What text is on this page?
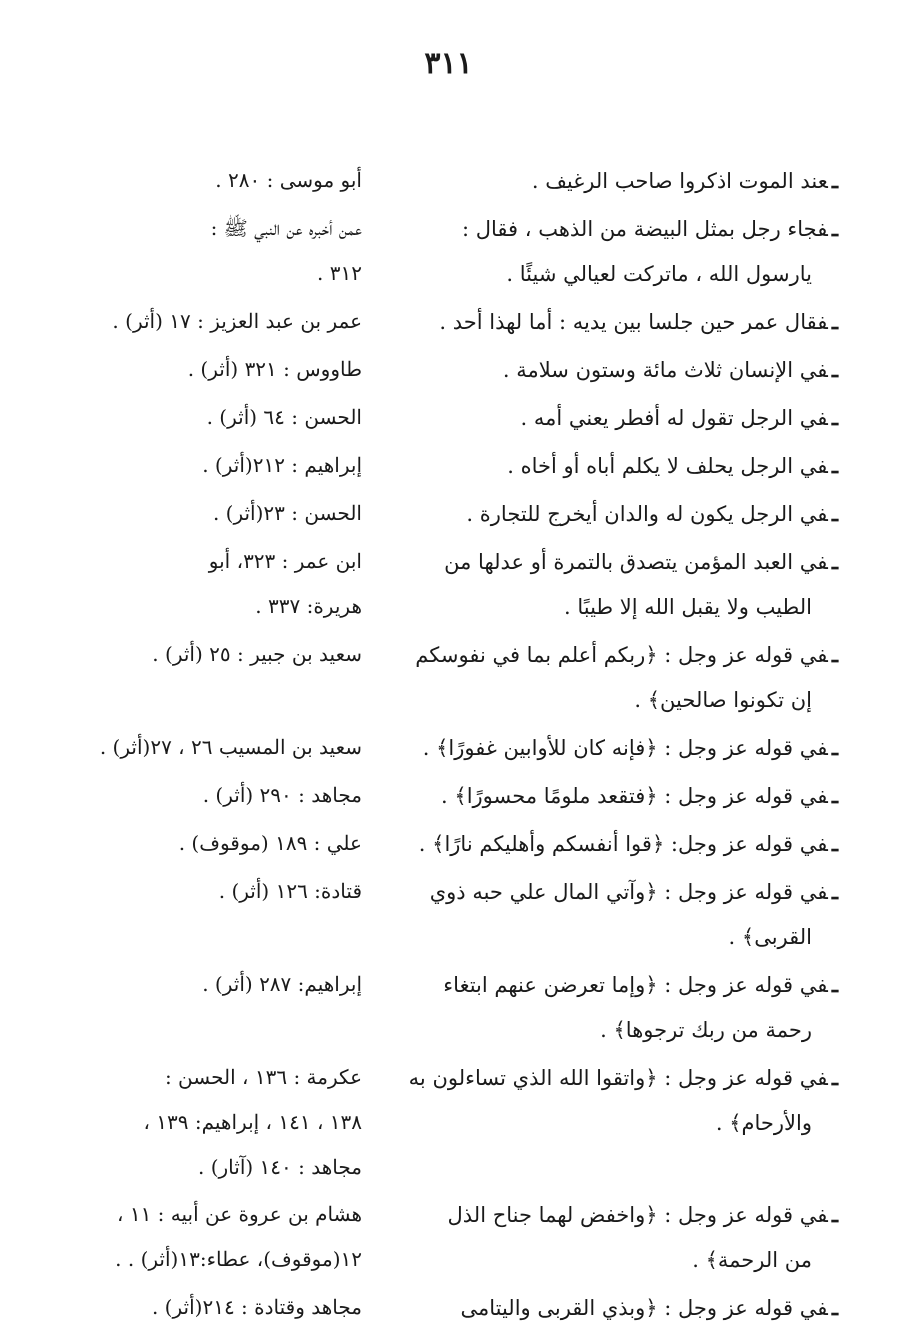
٣١١
ـعند الموت اذكروا صاحب الرغيف .
أبو موسى : ٢٨٠ .
ـفجاء رجل بمثل البيضة من الذهب ، فقال :
يارسول الله ، ماتركت لعيالي شيئًا .
عمن أخبره عن النبي ﷺ :
٣١٢ .
ـفقال عمر حين جلسا بين يديه : أما لهذا أحد .
عمر بن عبد العزيز : ١٧ (أثر) .
ـفي الإنسان ثلاث مائة وستون سلامة .
طاووس : ٣٢١ (أثر) .
ـفي الرجل تقول له أفطر يعني أمه .
الحسن : ٦٤ (أثر) .
ـفي الرجل يحلف لا يكلم أباه أو أخاه .
إبراهيم : ٢١٢(أثر) .
ـفي الرجل يكون له والدان أيخرج للتجارة .
الحسن : ٢٣(أثر) .
ـفي العبد المؤمن يتصدق بالتمرة أو عدلها من
الطيب ولا يقبل الله إلا طيبًا .
ابن عمر : ٣٢٣، أبو
هريرة: ٣٣٧ .
ـفي قوله عز وجل : ﴿ربكم أعلم بما في نفوسكم
إن تكونوا صالحين﴾ .
سعيد بن جبير : ٢٥ (أثر) .
ـفي قوله عز وجل : ﴿فإنه كان للأوابين غفورًا﴾ .
سعيد بن المسيب ٢٦ ، ٢٧(أثر) .
ـفي قوله عز وجل : ﴿فتقعد ملومًا محسورًا﴾ .
مجاهد : ٢٩٠ (أثر) .
ـفي قوله عز وجل: ﴿قوا أنفسكم وأهليكم نارًا﴾ .
علي : ١٨٩ (موقوف) .
ـفي قوله عز وجل : ﴿وآتي المال علي حبه ذوي
القربى﴾ .
قتادة: ١٢٦ (أثر) .
ـفي قوله عز وجل : ﴿وإما تعرضن عنهم ابتغاء
رحمة من ربك ترجوها﴾ .
إبراهيم: ٢٨٧ (أثر) .
ـفي قوله عز وجل : ﴿واتقوا الله الذي تساءلون به
والأرحام﴾ .
عكرمة : ١٣٦ ، الحسن :
١٣٨ ، ١٤١ ، إبراهيم: ١٣٩ ،
مجاهد : ١٤٠ (آثار) .
ـفي قوله عز وجل : ﴿واخفض لهما جناح الذل
من الرحمة﴾ .
هشام بن عروة عن أبيه : ١١ ،
١٢(موقوف)، عطاء:١٣(أثر) . .
ـفي قوله عز وجل : ﴿وبذي القربى واليتامى
مجاهد وقتادة : ٢١٤(أثر) .
